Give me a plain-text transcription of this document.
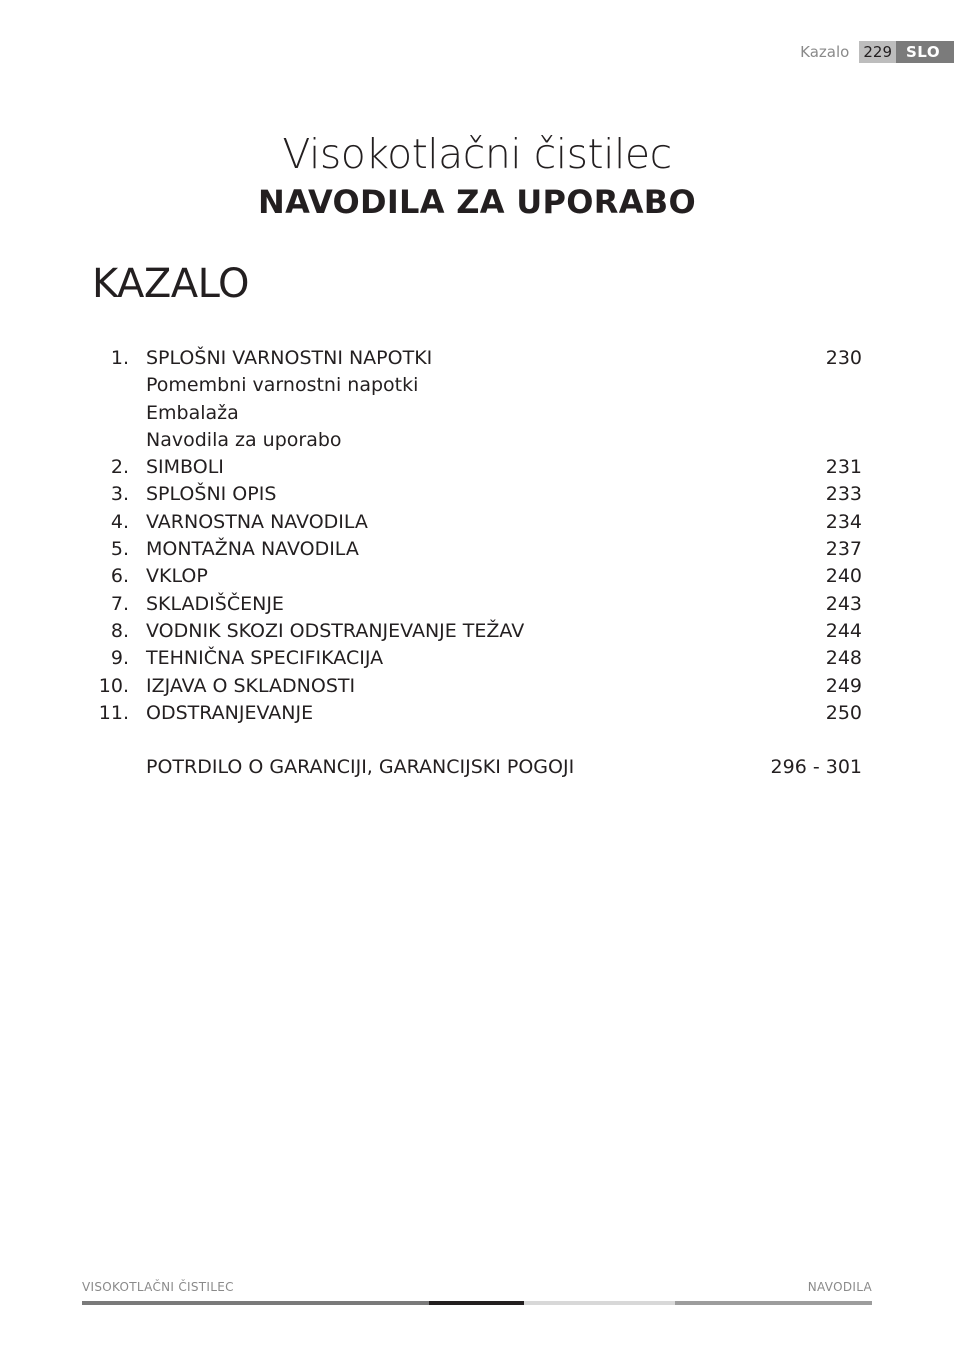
Kazalo 229 SLO
Visokotlačni čistilec
NAVODILA ZA UPORABO
KAZALO
1. SPLOŠNI VARNOSTNI NAPOTKI	230
Pomembni varnostni napotki
Embalaža
Navodila za uporabo
2. SIMBOLI	231
3. SPLOŠNI OPIS	233
4. VARNOSTNA NAVODILA	234
5. MONTAŽNA NAVODILA	237
6. VKLOP	240
7. SKLADIŠČENJE	243
8. VODNIK SKOZI ODSTRANJEVANJE TEŽAV	244
9. TEHNIČNA SPECIFIKACIJA	248
10. IZJAVA O SKLADNOSTI	249
11. ODSTRANJEVANJE	250
POTRDILO O GARANCIJI, GARANCIJSKI POGOJI	296 - 301
VISOKOTLAČNI ČISTILEC	NAVODILA
